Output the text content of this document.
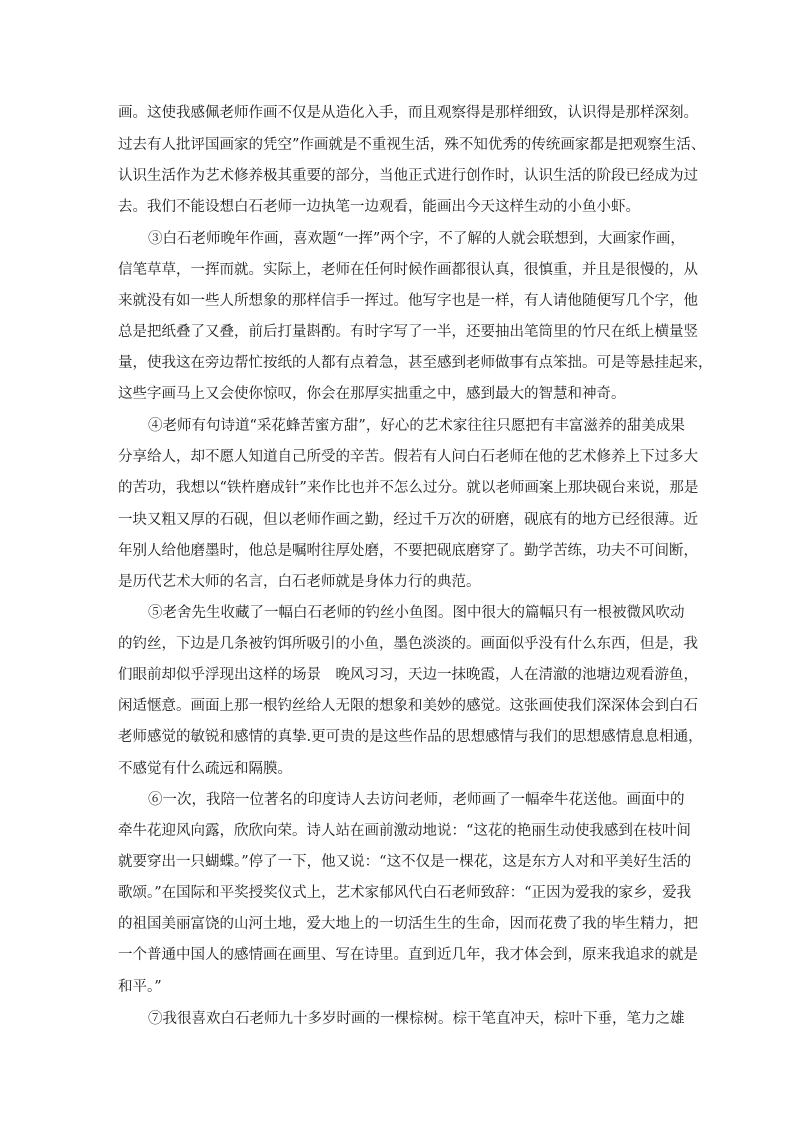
画。这使我感佩老师作画不仅是从造化入手，而且观察得是那样细致，认识得是那样深刻。
过去有人批评国画家的凭空”作画就是不重视生活，殊不知优秀的传统画家都是把观察生活、
认识生活作为艺术修养极其重要的部分，当他正式进行创作时，认识生活的阶段已经成为过
去。我们不能设想白石老师一边执笔一边观看，能画出今天这样生动的小鱼小虾。
③白石老师晚年作画，喜欢题“一挥”两个字，不了解的人就会联想到，大画家作画，
信笔草草，一挥而就。实际上，老师在任何时候作画都很认真，很慎重，并且是很慢的，从
来就没有如一些人所想象的那样信手一挥过。他写字也是一样，有人请他随便写几个字，他
总是把纸叠了又叠，前后打量斟酌。有时字写了一半，还要抽出笔筒里的竹尺在纸上横量竖
量，使我这在旁边帮忙按纸的人都有点着急，甚至感到老师做事有点笨拙。可是等悬挂起来，
这些字画马上又会使你惊叹，你会在那厚实拙重之中，感到最大的智慧和神奇。
④老师有句诗道“采花蜂苦蜜方甜”，好心的艺术家往往只愿把有丰富滋养的甜美成果
分享给人，却不愿人知道自己所受的辛苦。假若有人问白石老师在他的艺术修养上下过多大
的苦功，我想以“铁杵磨成针”来作比也并不怎么过分。就以老师画案上那块砚台来说，那是
一块又粗又厚的石砚，但以老师作画之勤，经过千万次的研磨，砚底有的地方已经很薄。近
年别人给他磨墨时，他总是嘱咐往厚处磨，不要把砚底磨穿了。勤学苦练，功夫不可间断，
是历代艺术大师的名言，白石老师就是身体力行的典范。
⑤老舍先生收藏了一幅白石老师的钓丝小鱼图。图中很大的篇幅只有一根被微风吹动
的钓丝，下边是几条被钓饵所吸引的小鱼，墨色淡淡的。画面似乎没有什么东西，但是，我
们眼前却似乎浮现出这样的场景　晚风习习，天边一抹晚霞，人在清澈的池塘边观看游鱼，
闲适惬意。画面上那一根钓丝给人无限的想象和美妙的感觉。这张画使我们深深体会到白石
老师感觉的敏锐和感情的真挚.更可贵的是这些作品的思想感情与我们的思想感情息息相通，
不感觉有什么疏远和隔膜。
⑥一次，我陪一位著名的印度诗人去访问老师，老师画了一幅牵牛花送他。画面中的
牵牛花迎风向露，欣欣向荣。诗人站在画前激动地说：“这花的艳丽生动使我感到在枝叶间
就要穿出一只蝴蝶。”停了一下，他又说：“这不仅是一棵花，这是东方人对和平美好生活的
歌颂。”在国际和平奖授奖仪式上，艺术家郁风代白石老师致辞：“正因为爱我的家乡，爱我
的祖国美丽富饶的山河土地，爱大地上的一切活生生的生命，因而花费了我的毕生精力，把
一个普通中国人的感情画在画里、写在诗里。直到近几年，我才体会到，原来我追求的就是
和平。”
⑦我很喜欢白石老师九十多岁时画的一棵棕树。棕干笔直冲天，棕叶下垂，笔力之雄
